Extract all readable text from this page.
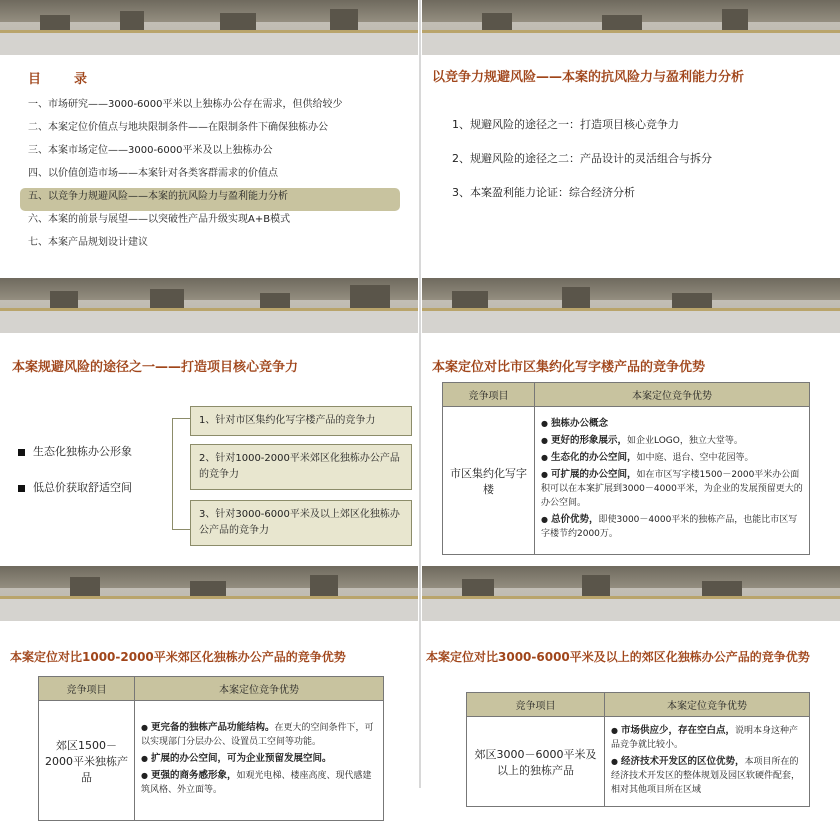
目　录
一、市场研究——3000-6000平米以上独栋办公存在需求，但供给较少
二、本案定位价值点与地块限制条件——在限制条件下确保独栋办公
三、本案市场定位——3000-6000平米及以上独栋办公
四、以价值创造市场——本案针对各类客群需求的价值点
五、以竞争力规避风险——本案的抗风险力与盈利能力分析
六、本案的前景与展望——以突破性产品升级实现A+B模式
七、本案产品规划设计建议
以竞争力规避风险——本案的抗风险力与盈利能力分析
1、规避风险的途径之一：打造项目核心竞争力
2、规避风险的途径之二：产品设计的灵活组合与拆分
3、本案盈利能力论证：综合经济分析
本案规避风险的途径之一——打造项目核心竞争力
生态化独栋办公形象
低总价获取舒适空间
1、针对市区集约化写字楼产品的竞争力
2、针对1000-2000平米郊区化独栋办公产品的竞争力
3、针对3000-6000平米及以上郊区化独栋办公产品的竞争力
本案定位对比市区集约化写字楼产品的竞争优势
竞争项目	本案定位竞争优势
市区集约化写字楼	● 独栋办公概念
● 更好的形象展示，如企业LOGO，独立大堂等。
● 生态化的办公空间，如中庭、退台、空中花园等。
● 可扩展的办公空间，如在市区写字楼1500－2000平米办公面积可以在本案扩展到3000－4000平米，为企业的发展预留更大的办公空间。
● 总价优势，即使3000－4000平米的独栋产品，也能比市区写字楼节约2000万。
本案定位对比1000-2000平米郊区化独栋办公产品的竞争优势
竞争项目	本案定位竞争优势
郊区1500－2000平米独栋产品	● 更完备的独栋产品功能结构。在更大的空间条件下，可以实现部门分层办公、设置员工空间等功能。
● 扩展的办公空间，可为企业预留发展空间。
● 更强的商务感形象，如观光电梯、楼座高度、现代感建筑风格、外立面等。
本案定位对比3000-6000平米及以上的郊区化独栋办公产品的竞争优势
竞争项目	本案定位竞争优势
郊区3000－6000平米及以上的独栋产品	● 市场供应少，存在空白点，说明本身这种产品竞争就比较小。
● 经济技术开发区的区位优势，本项目所在的经济技术开发区的整体规划及园区软硬件配套，相对其他项目所在区域
